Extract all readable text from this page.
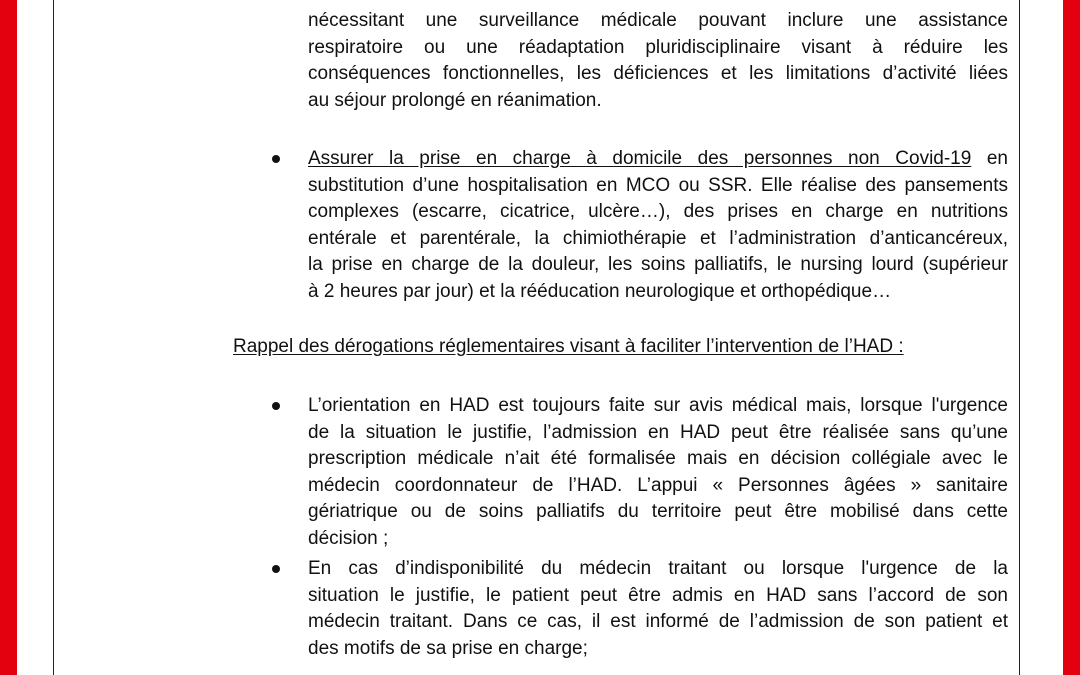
nécessitant une surveillance médicale pouvant inclure une assistance

respiratoire ou une réadaptation pluridisciplinaire visant à réduire les

conséquences fonctionnelles, les déficiences et les limitations d’activité liées

au séjour prolongé en réanimation.

Assurer la prise en charge à domicile des personnes non Covid-19 en

substitution d’une hospitalisation en MCO ou SSR. Elle réalise des pansements

complexes (escarre, cicatrice, ulcère…), des prises en charge en nutritions

entérale et parentérale, la chimiothérapie et l’administration d’anticancéreux,

la prise en charge de la douleur, les soins palliatifs, le nursing lourd (supérieur

à 2 heures par jour) et la rééducation neurologique et orthopédique…

Rappel des dérogations réglementaires visant à faciliter l’intervention de l’HAD :

L’orientation en HAD est toujours faite sur avis médical mais, lorsque l'urgence

de la situation le justifie, l’admission en HAD peut être réalisée sans qu’une

prescription médicale n’ait été formalisée mais en décision collégiale avec le

médecin coordonnateur de l’HAD. L’appui « Personnes âgées » sanitaire

gériatrique ou de soins palliatifs du territoire peut être mobilisé dans cette

décision ;

En cas d’indisponibilité du médecin traitant ou lorsque l'urgence de la

situation le justifie, le patient peut être admis en HAD sans l’accord de son

médecin traitant. Dans ce cas, il est informé de l’admission de son patient et

des motifs de sa prise en charge;
